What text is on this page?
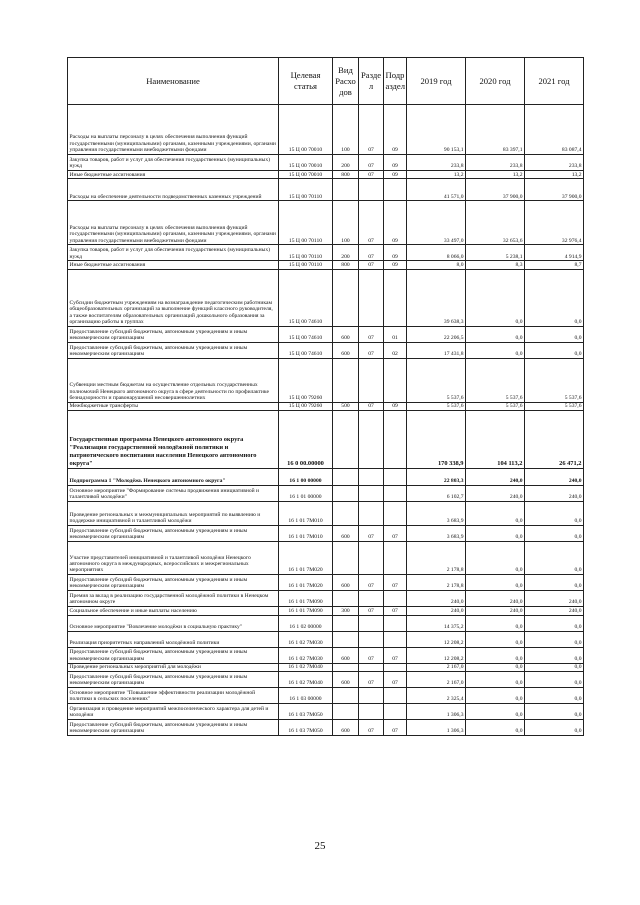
Наименование	Целевая статья	Вид Расхо дов	Разде л	Подр аздел	2019 год	2020 год	2021 год
Расходы на выплаты персоналу в целях обеспечения выполнения функций государственными (муниципальными) органами, казенными учреждениями, органами управления государственными внебюджетными фондами	15 Ц 00 70010	100	07	09	90 153,1	83 397,1	83 087,4
Закупка товаров, работ и услуг для обеспечения государственных (муниципальных) нужд	15 Ц 00 70010	200	07	09	233,8	233,8	233,8
Иные бюджетные ассигнования	15 Ц 00 70010	800	07	09	13,2	13,2	13,2
Расходы на обеспечение деятельности подведомственных казенных учреждений	15 Ц 00 70110				41 571,0	37 900,0	37 900,0
Расходы на выплаты персоналу в целях обеспечения выполнения функций государственными (муниципальными) органами, казенными учреждениями, органами управления государственными внебюджетными фондами	15 Ц 00 70110	100	07	09	33 497,0	32 653,6	32 976,4
Закупка товаров, работ и услуг для обеспечения государственных (муниципальных) нужд	15 Ц 00 70110	200	07	09	8 066,0	5 238,1	4 914,9
Иные бюджетные ассигнования	15 Ц 00 70110	800	07	09	8,0	8,3	8,7
Субсидии бюджетным учреждениям на вознаграждение педагогическим работникам общеобразовательных организаций за выполнение функций классного руководителя, а также воспитателям образовательных организаций дошкольного образования за организацию работы в группах	15 Ц 00 74610				39 638,3	0,0	0,0
Предоставление субсидий бюджетным, автономным учреждениям и иным некоммерческим организациям	15 Ц 00 74610	600	07	01	22 206,5	0,0	0,0
Предоставление субсидий бюджетным, автономным учреждениям и иным некоммерческим организациям	15 Ц 00 74610	600	07	02	17 431,8	0,0	0,0
Субвенции местным бюджетам на осуществление отдельных государственных полномочий Ненецкого автономного округа в сфере деятельности по профилактике безнадзорности и правонарушений несовершеннолетних	15 Ц 00 79260				5 537,6	5 537,6	5 537,6
Межбюджетные трансферты	15 Ц 00 79260	500	07	09	5 537,6	5 537,6	5 537,6
Государственная программа Ненецкого автономного округа "Реализация государственной молодёжной политики и патриотического воспитания населения Ненецкого автономного округа"	16 0 00.00000				170 338,9	104 113,2	26 471,2
Подпрограмма 1 "Молодёжь Ненецкого автономного округа"	16 1 00 00000				22 803,3	240,0	240,0
Основное мероприятие "Формирование системы продвижения инициативной и талантливой молодёжи"	16 1 01 00000				6 102,7	240,0	240,0
Проведение региональных и межмуниципальных мероприятий по выявлению и поддержке инициативной и талантливой молодёжи	16 1 01 7М010				3 683,9	0,0	0,0
Предоставление субсидий бюджетным, автономным учреждениям и иным некоммерческим организациям	16 1 01 7М010	600	07	07	3 683,9	0,0	0,0
Участие представителей инициативной и талантливой молодёжи Ненецкого автономного округа в международных, всероссийских и межрегиональных мероприятиях	16 1 01 7М020				2 178,8	0,0	0,0
Предоставление субсидий бюджетным, автономным учреждениям и иным некоммерческим организациям	16 1 01 7М020	600	07	07	2 178,8	0,0	0,0
Премия за вклад в реализацию государственной молодёжной политики в Ненецком автономном округе	16 1 01 7М090				240,0	240,0	240,0
Социальное обеспечение и иные выплаты населению	16 1 01 7М090	300	07	07	240,0	240,0	240,0
Основное мероприятие "Вовлечение молодёжи в социальную практику"	16 1 02 00000				14 375,2	0,0	0,0
Реализация приоритетных направлений молодёжной политики	16 1 02 7М030				12 208,2	0,0	0,0
Предоставление субсидий бюджетным, автономным учреждениям и иным некоммерческим организациям	16 1 02 7М030	600	07	07	12 208,2	0,0	0,0
Проведение региональных мероприятий для молодёжи	16 1 02 7М040				2 167,0	0,0	0,0
Предоставление субсидий бюджетным, автономным учреждениям и иным некоммерческим организациям	16 1 02 7М040	600	07	07	2 167,0	0,0	0,0
Основное мероприятие "Повышение эффективности реализации молодёжной политики в сельских поселениях"	16 1 03 00000				2 325,4	0,0	0,0
Организация и проведение мероприятий межпоселенческого характера для детей и молодёжи	16 1 03 7М050				1 306,3	0,0	0,0
Предоставление субсидий бюджетным, автономным учреждениям и иным некоммерческим организациям	16 1 03 7М050	600	07	07	1 306,3	0,0	0,0
25
